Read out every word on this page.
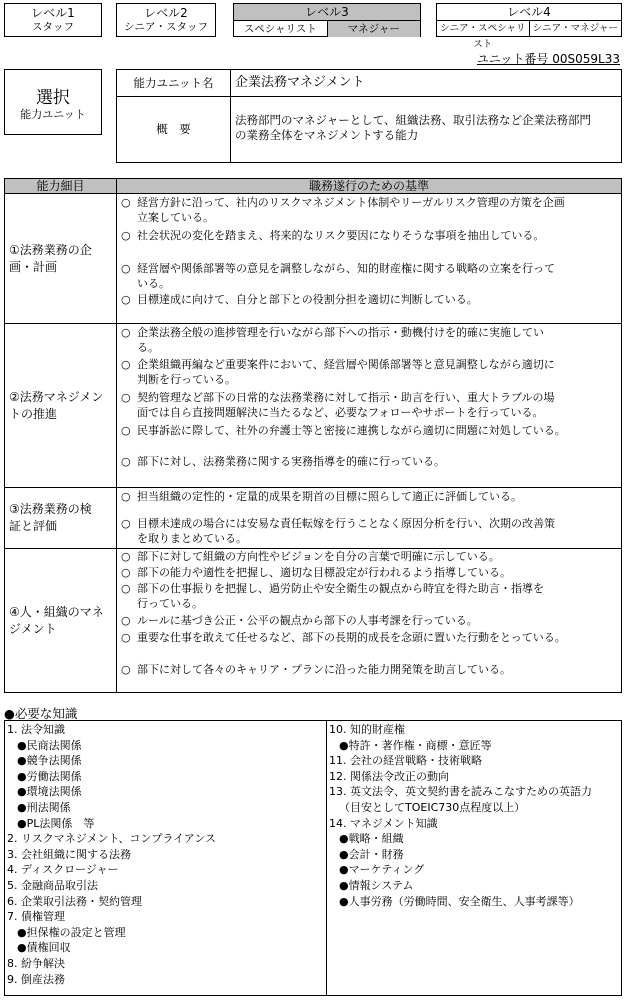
レベル1
スタッフ
レベル2
シニア・スタッフ
レベル3
スペシャリスト	マネジャー
レベル4
シニア・スペシャリスト
シニア・マネジャー
ユニット番号 00S059L33
選択
能力ユニット
能力ユニット名	企業法務マネジメント
概　要
法務部門のマネジャーとして、組織法務、取引法務など企業法務部門
の業務全体をマネジメントする能力
能力細目	職務遂行のための基準
①法務業務の企
画・計画
○ 経営方針に沿って、社内のリスクマネジメント体制やリーガルリスク管理の方策を企画
立案している。
○ 社会状況の変化を踏まえ、将来的なリスク要因になりそうな事項を抽出している。
○ 経営層や関係部署等の意見を調整しながら、知的財産権に関する戦略の立案を行って
いる。
○ 目標達成に向けて、自分と部下との役割分担を適切に判断している。
②法務マネジメン
トの推進
○ 企業法務全般の進捗管理を行いながら部下への指示・動機付けを的確に実施してい
る。
○ 企業組織再編など重要案件において、経営層や関係部署等と意見調整しながら適切に
判断を行っている。
○ 契約管理など部下の日常的な法務業務に対して指示・助言を行い、重大トラブルの場
面では自ら直接問題解決に当たるなど、必要なフォローやサポートを行っている。
○ 民事訴訟に際して、社外の弁護士等と密接に連携しながら適切に問題に対処している。
○ 部下に対し、法務業務に関する実務指導を的確に行っている。
③法務業務の検
証と評価
○ 担当組織の定性的・定量的成果を期首の目標に照らして適正に評価している。
○ 目標未達成の場合には安易な責任転嫁を行うことなく原因分析を行い、次期の改善策
を取りまとめている。
④人・組織のマネ
ジメント
○ 部下に対して組織の方向性やビジョンを自分の言葉で明確に示している。
○ 部下の能力や適性を把握し、適切な目標設定が行われるよう指導している。
○ 部下の仕事振りを把握し、過労防止や安全衛生の観点から時宜を得た助言・指導を
行っている。
○ ルールに基づき公正・公平の観点から部下の人事考課を行っている。
○ 重要な仕事を敢えて任せるなど、部下の長期的成長を念頭に置いた行動をとっている。
○ 部下に対して各々のキャリア・プランに沿った能力開発策を助言している。
●必要な知識
1. 法令知識
●民商法関係
●競争法関係
●労働法関係
●環境法関係
●刑法関係
●PL法関係　等
2. リスクマネジメント、コンプライアンス
3. 会社組織に関する法務
4. ディスクロージャー
5. 金融商品取引法
6. 企業取引法務・契約管理
7. 債権管理
●担保権の設定と管理
●債権回収
8. 紛争解決
9. 倒産法務
10. 知的財産権
●特許・著作権・商標・意匠等
11. 会社の経営戦略・技術戦略
12. 関係法令改正の動向
13. 英文法令、英文契約書を読みこなすための英語力
（目安としてTOEIC730点程度以上）
14. マネジメント知識
●戦略・組織
●会計・財務
●マーケティング
●情報システム
●人事労務（労働時間、安全衛生、人事考課等）
